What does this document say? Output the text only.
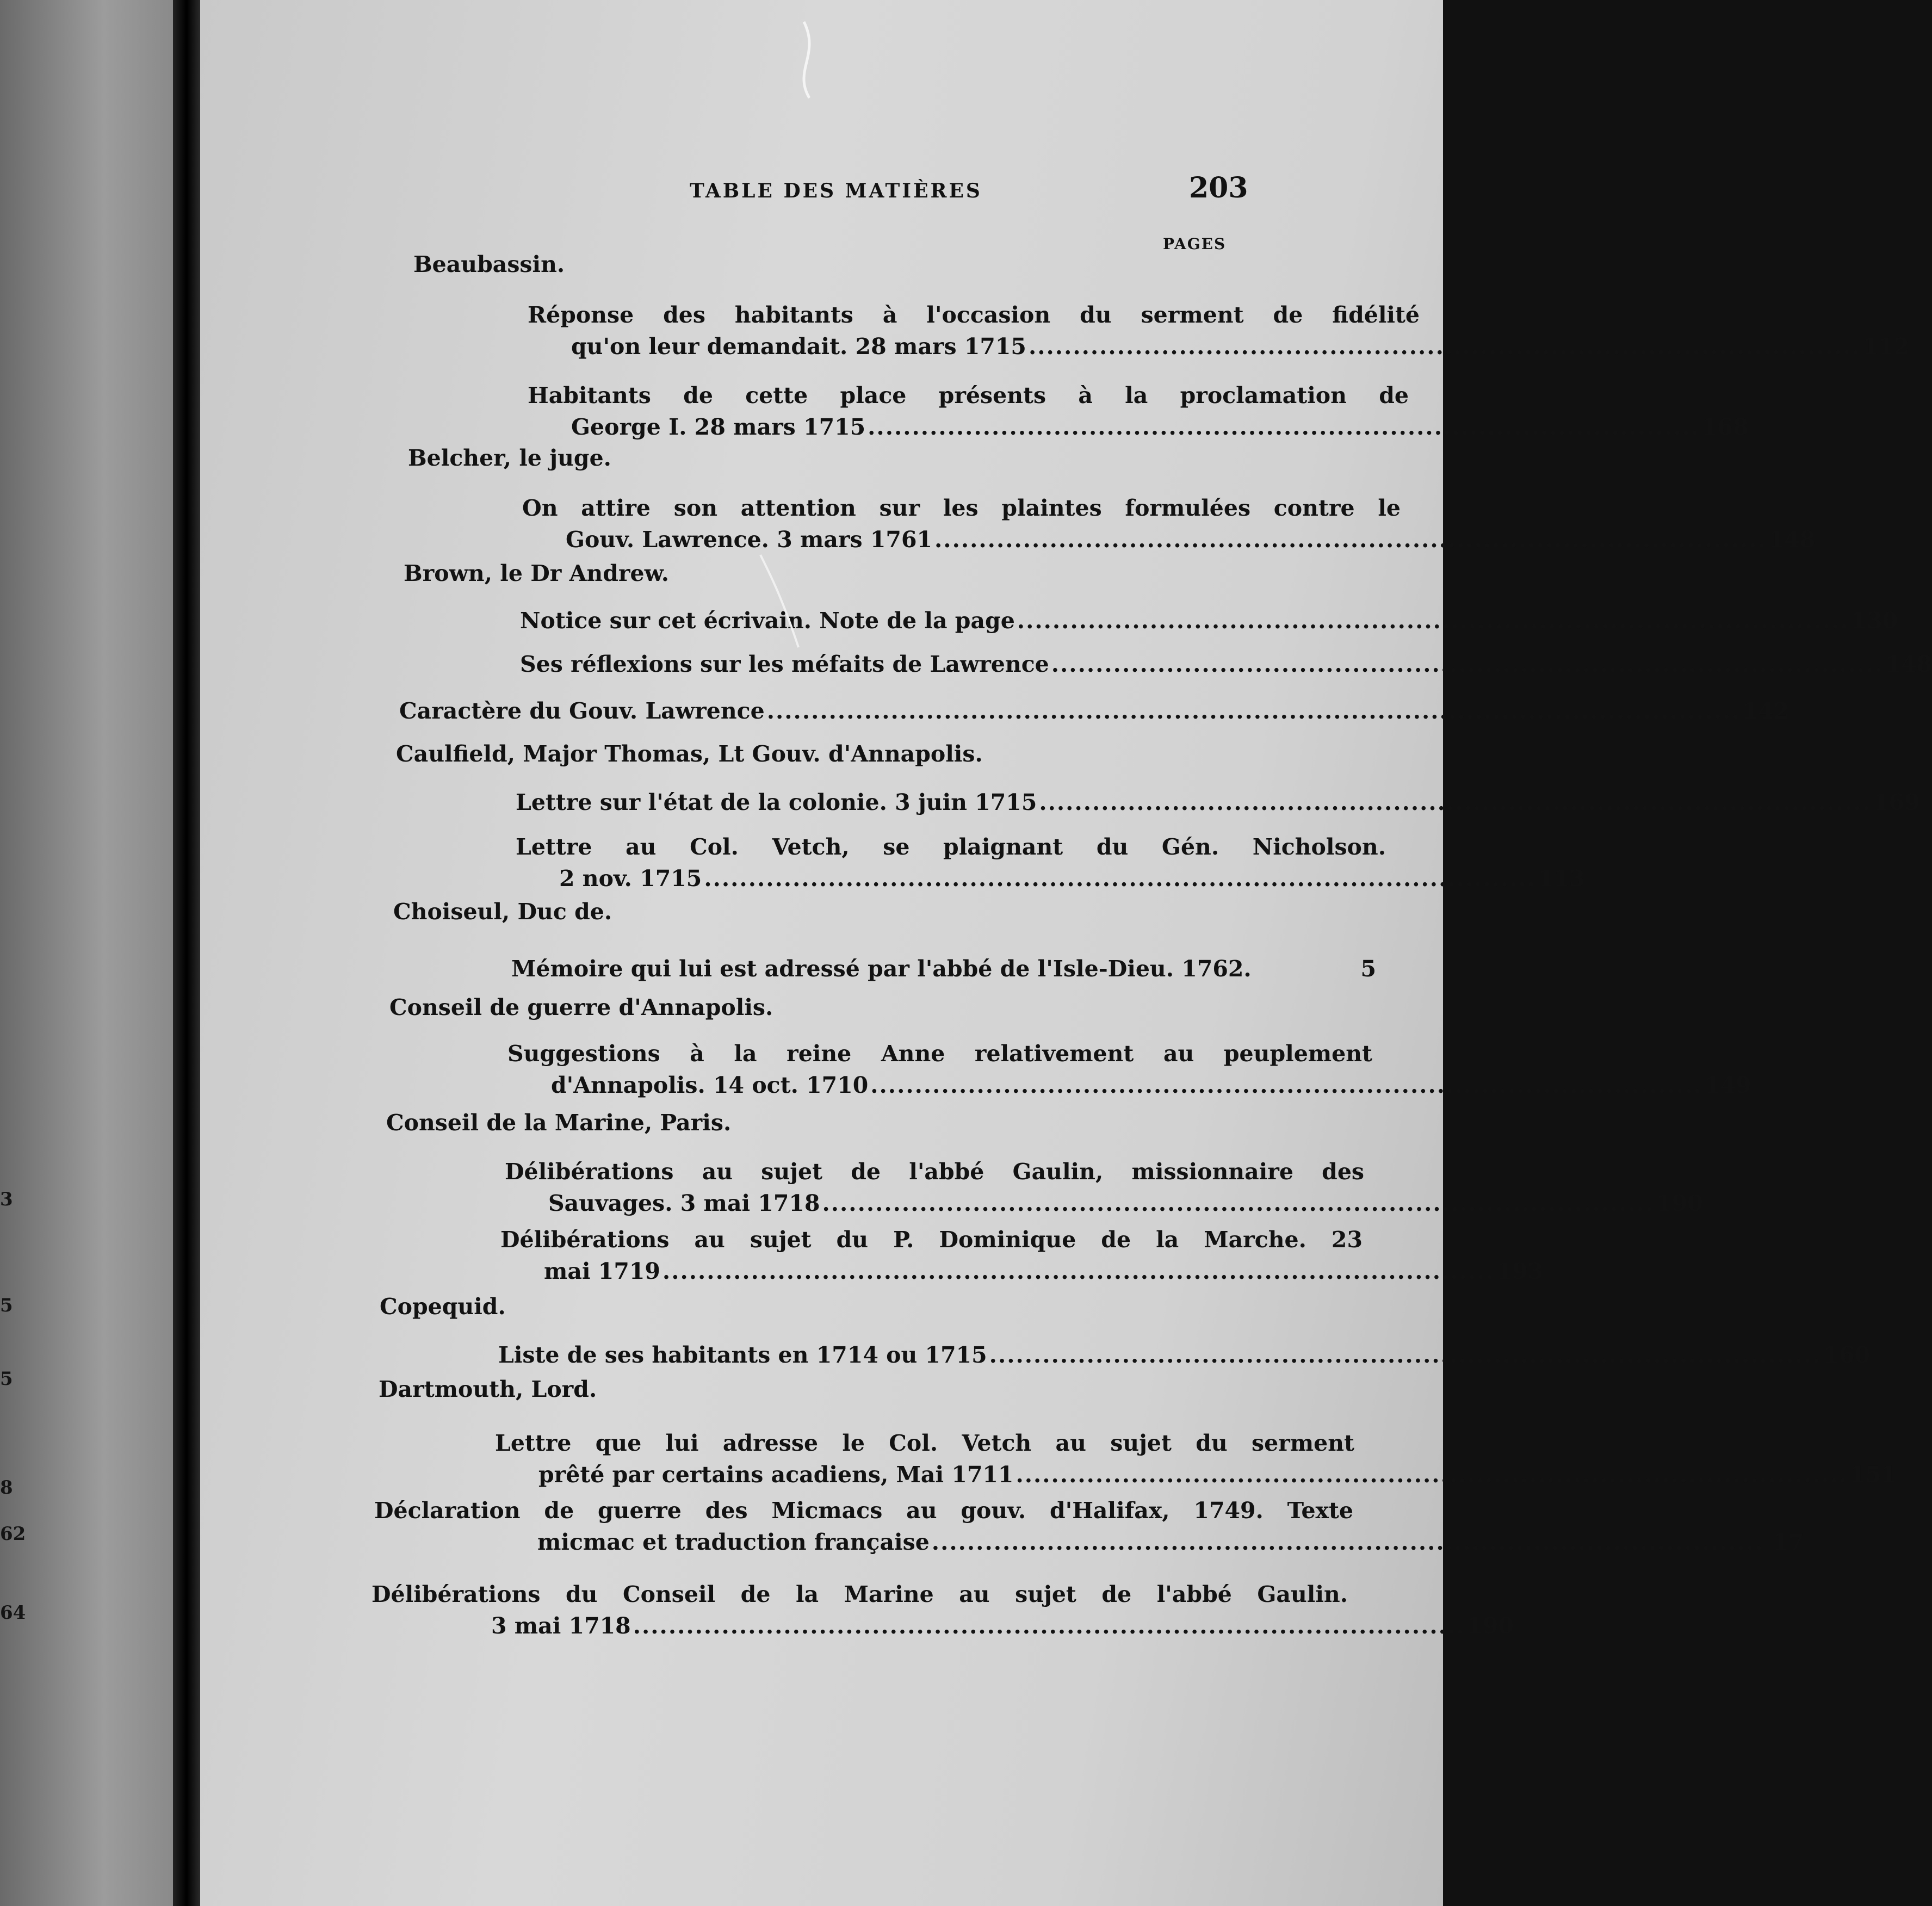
3
5
5
8
62
64
TABLE DES MATIÈRES	203
PAGES
Beaubassin.
Réponse des habitants à l'occasion du serment de fidélité
qu'on leur demandait. 28 mars 1715 .............................................................................................. 112
Habitants de cette place présents à la proclamation de
George I. 28 mars 1715 .............................................................................................. 168
Belcher, le juge.
On attire son attention sur les plaintes formulées contre le
Gouv. Lawrence. 3 mars 1761 .............................................................................................. 148
Brown, le Dr Andrew.
Notice sur cet écrivain. Note de la page .............................................................................................. 130
Ses réflexions sur les méfaits de Lawrence .............................................................................................. 148
Caractère du Gouv. Lawrence .............................................................................................................. 142
Caulfield, Major Thomas, Lt Gouv. d'Annapolis.
Lettre sur l'état de la colonie. 3 juin 1715 .............................................................................................. 169
Lettre au Col. Vetch, se plaignant du Gén. Nicholson.
2 nov. 1715 .............................................................................................. 113
Choiseul, Duc de.
Mémoire qui lui est adressé par l'abbé de l'Isle-Dieu. 1762.	5
Conseil de guerre d'Annapolis.
Suggestions à la reine Anne relativement au peuplement
d'Annapolis. 14 oct. 1710 .............................................................................................. 149
Conseil de la Marine, Paris.
Délibérations au sujet de l'abbé Gaulin, missionnaire des
Sauvages. 3 mai 1718 .............................................................................................. 190
Délibérations au sujet du P. Dominique de la Marche. 23
mai 1719 .............................................................................................. 193
Copequid.
Liste de ses habitants en 1714 ou 1715 .............................................................................................. 160
Dartmouth, Lord.
Lettre que lui adresse le Col. Vetch au sujet du serment
prêté par certains acadiens, Mai 1711 .............................................................................................. 151
Déclaration de guerre des Micmacs au gouv. d'Halifax, 1749. Texte
micmac et traduction française .............................................................................................. 17
Délibérations du Conseil de la Marine au sujet de l'abbé Gaulin.
3 mai 1718 .............................................................................................. 190
